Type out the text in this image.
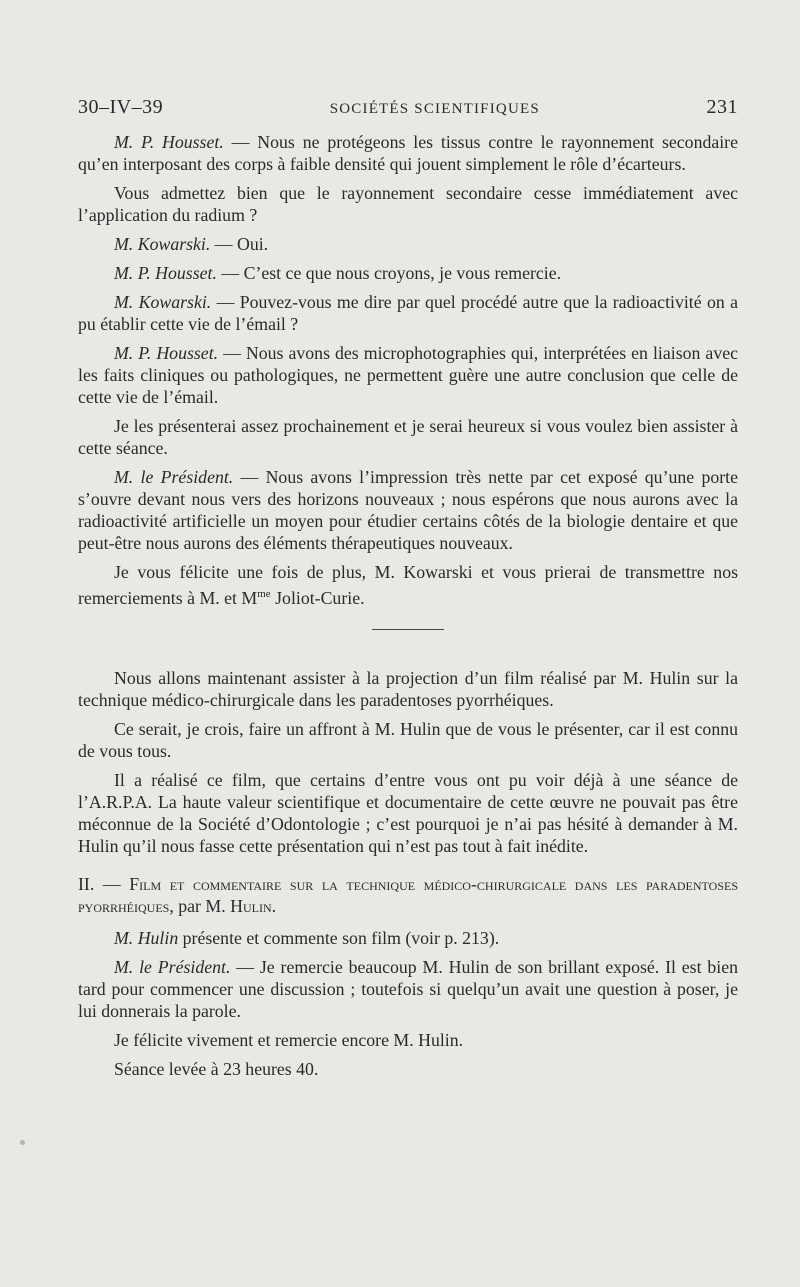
30–IV–39	SOCIÉTÉS SCIENTIFIQUES	231

M. P. Housset. — Nous ne protégeons les tissus contre le rayonnement secondaire qu’en interposant des corps à faible densité qui jouent simplement le rôle d’écarteurs.

Vous admettez bien que le rayonnement secondaire cesse immédiatement avec l’application du radium ?

M. Kowarski. — Oui.

M. P. Housset. — C’est ce que nous croyons, je vous remercie.

M. Kowarski. — Pouvez-vous me dire par quel procédé autre que la radioactivité on a pu établir cette vie de l’émail ?

M. P. Housset. — Nous avons des microphotographies qui, interprétées en liaison avec les faits cliniques ou pathologiques, ne permettent guère une autre conclusion que celle de cette vie de l’émail.

Je les présenterai assez prochainement et je serai heureux si vous voulez bien assister à cette séance.

M. le Président. — Nous avons l’impression très nette par cet exposé qu’une porte s’ouvre devant nous vers des horizons nouveaux ; nous espérons que nous aurons avec la radioactivité artificielle un moyen pour étudier certains côtés de la biologie dentaire et que peut-être nous aurons des éléments thérapeutiques nouveaux.

Je vous félicite une fois de plus, M. Kowarski et vous prierai de transmettre nos remerciements à M. et $M^{me}$ Joliot-Curie.

Nous allons maintenant assister à la projection d’un film réalisé par M. Hulin sur la technique médico-chirurgicale dans les paradentoses pyorrhéiques.

Ce serait, je crois, faire un affront à M. Hulin que de vous le présenter, car il est connu de vous tous.

Il a réalisé ce film, que certains d’entre vous ont pu voir déjà à une séance de l’A.R.P.A. La haute valeur scientifique et documentaire de cette œuvre ne pouvait pas être méconnue de la Société d’Odontologie ; c’est pourquoi je n’ai pas hésité à demander à M. Hulin qu’il nous fasse cette présentation qui n’est pas tout à fait inédite.

II. — Film et commentaire sur la technique médico-chirurgicale dans les paradentoses pyorrhéiques, par M. Hulin.

M. Hulin présente et commente son film (voir p. 213).

M. le Président. — Je remercie beaucoup M. Hulin de son brillant exposé. Il est bien tard pour commencer une discussion ; toutefois si quelqu’un avait une question à poser, je lui donnerais la parole.

Je félicite vivement et remercie encore M. Hulin.

Séance levée à 23 heures 40.
